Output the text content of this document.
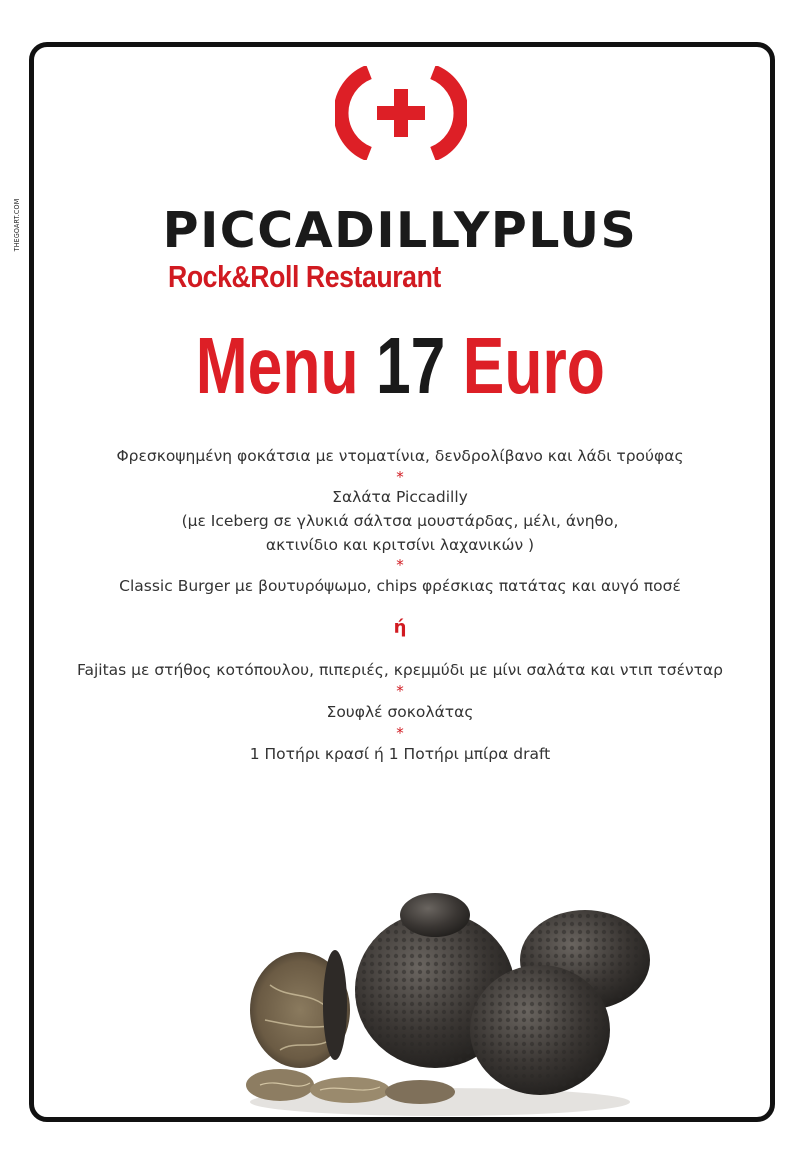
THEGOART.COM	PICCADILLYPLUS
Rock&Roll Restaurant
Menu 17 Euro
Φρεσκοψημένη φοκάτσια με ντοματίνια, δενδρολίβανο και λάδι τρούφας
*
Σαλάτα Piccadilly
(με Iceberg σε γλυκιά σάλτσα μουστάρδας, μέλι, άνηθο,
ακτινίδιο και κριτσίνι λαχανικών )
*
Classic Burger με βουτυρόψωμο, chips φρέσκιας πατάτας και αυγό ποσέ
ή
Fajitas με στήθος κοτόπουλου, πιπεριές, κρεμμύδι με μίνι σαλάτα και ντιπ τσένταρ
*
Σουφλέ σοκολάτας
*
1 Ποτήρι κρασί ή 1 Ποτήρι μπίρα draft
